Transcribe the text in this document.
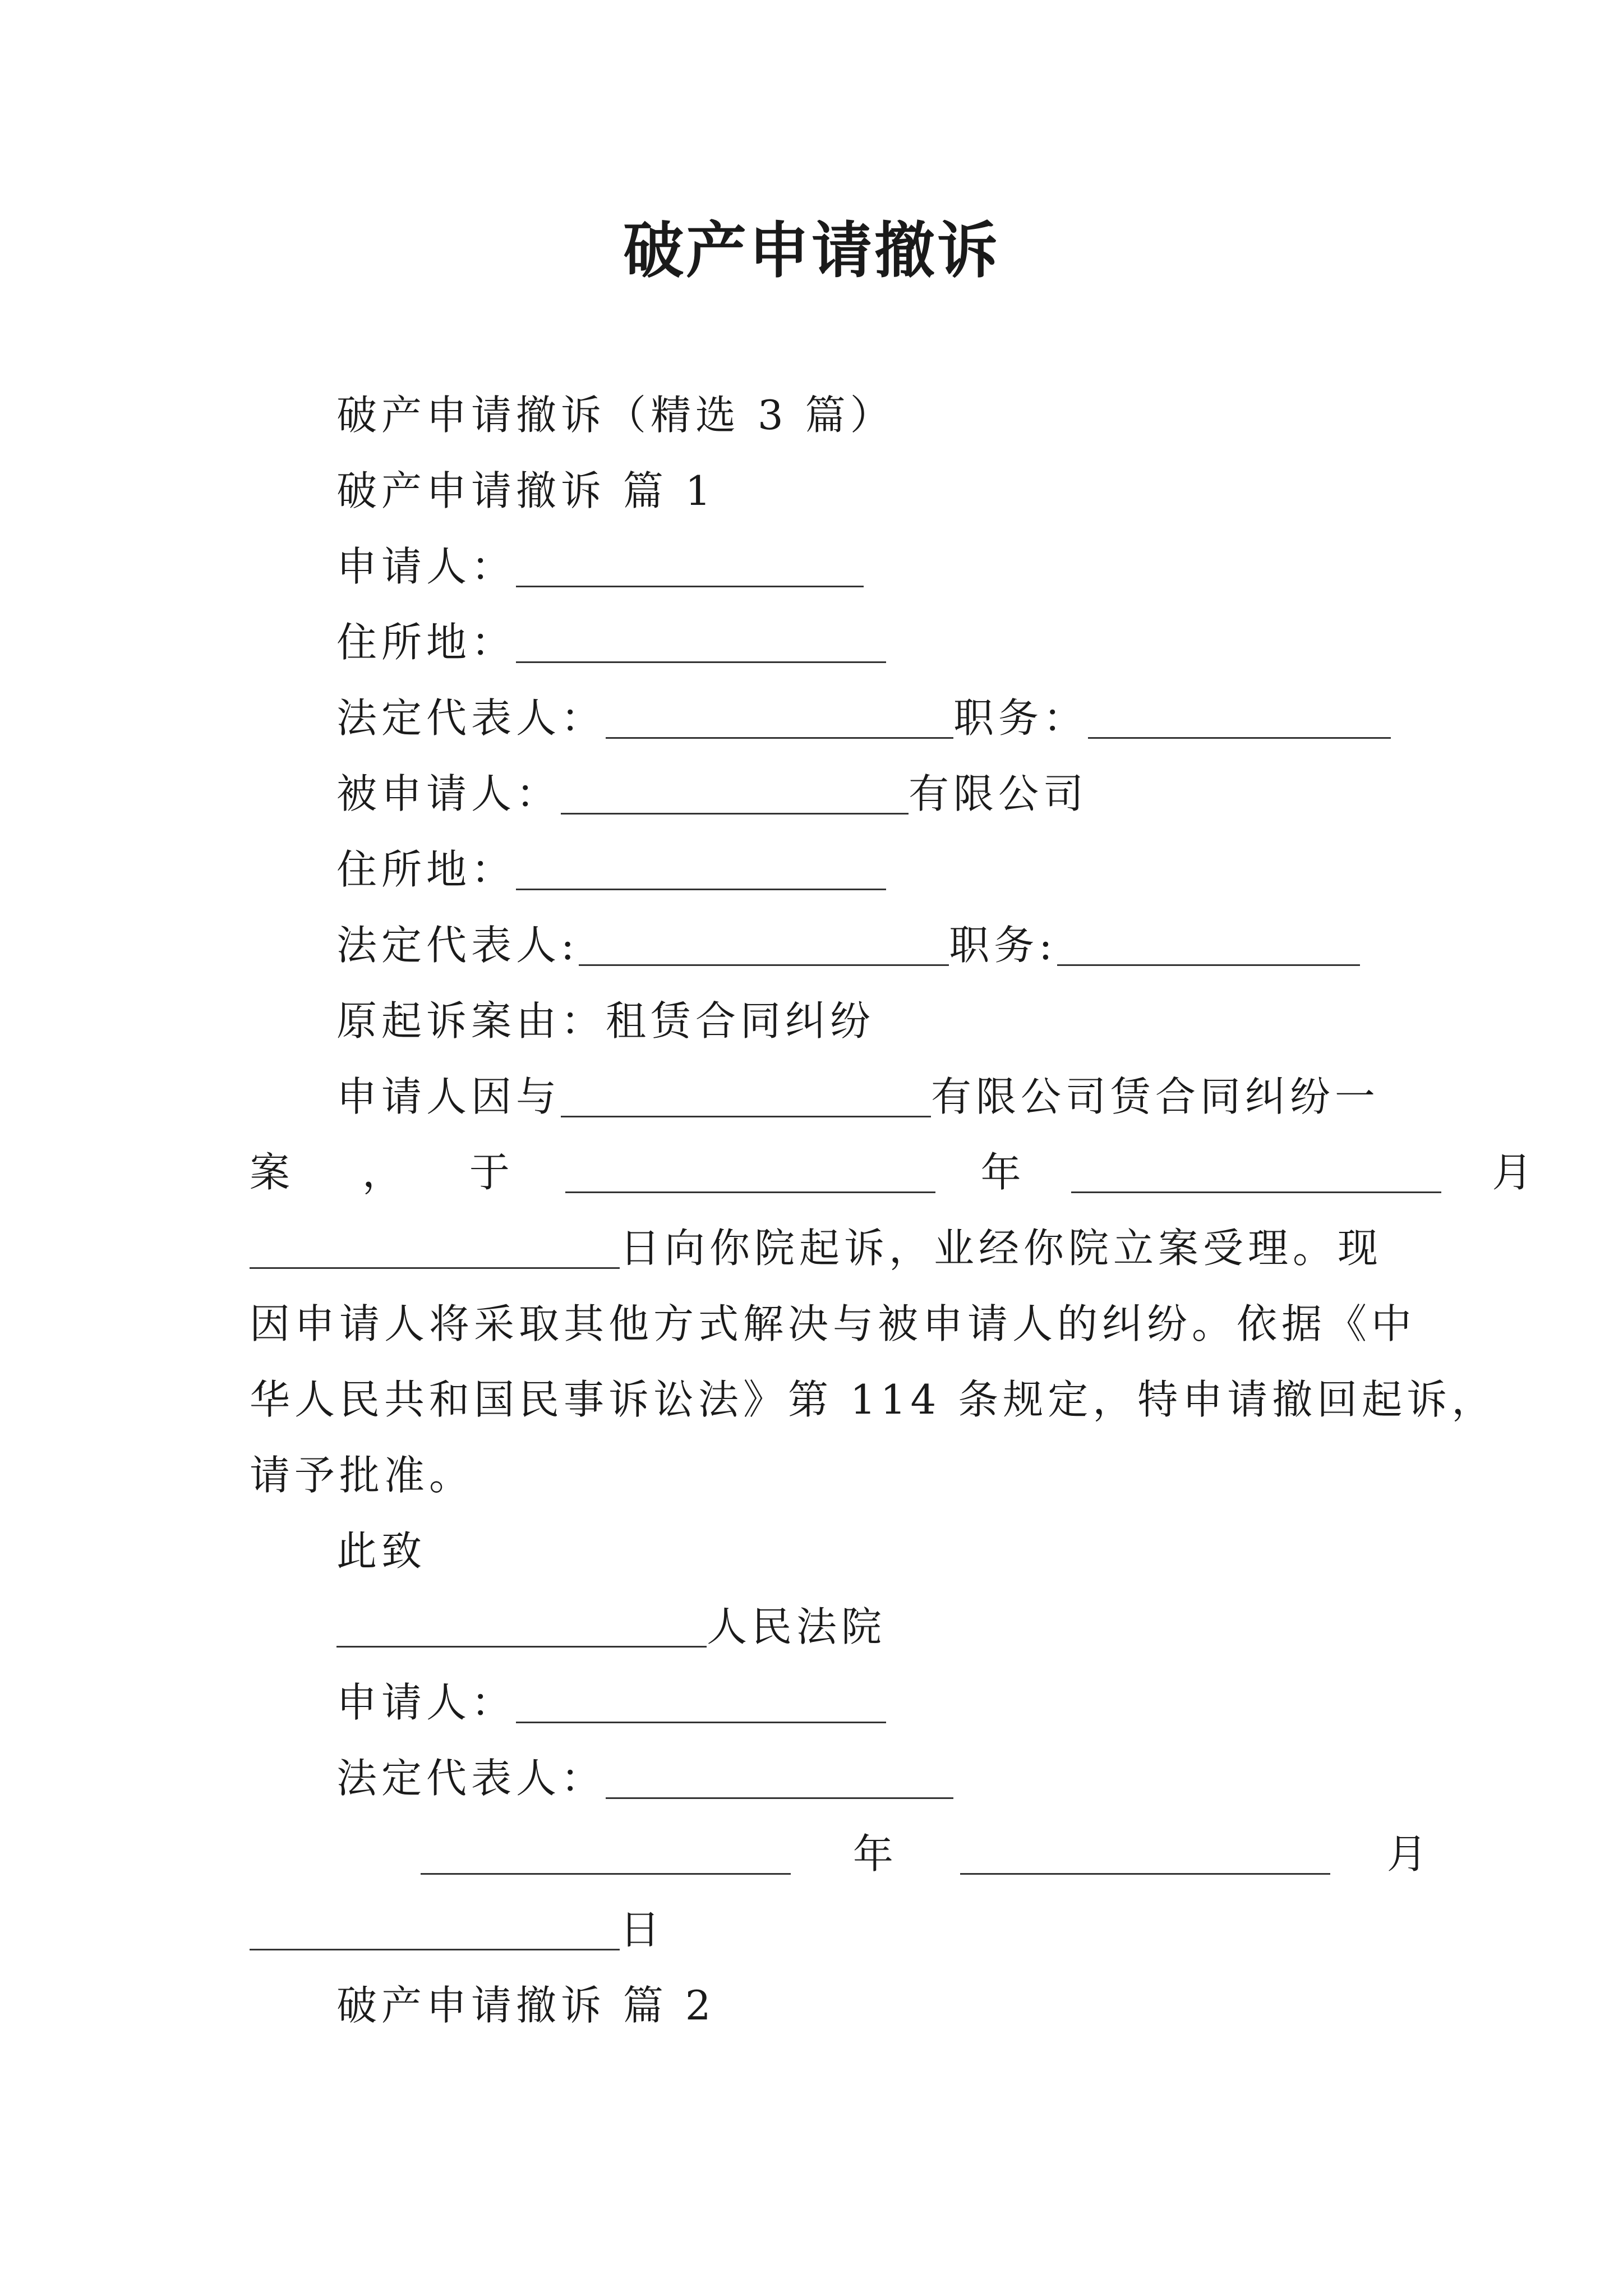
破产申请撤诉
破产申请撤诉（精选 3 篇）
破产申请撤诉 篇 1
申请人：
住所地：
法定代表人：	职务：
被申请人：	有限公司
住所地：
法定代表人:	职务:
原起诉案由：租赁合同纠纷
申请人因与	有限公司赁合同纠纷一
案 ， 于	年	月
日向你院起诉，业经你院立案受理。现
因申请人将采取其他方式解决与被申请人的纠纷。依据《中
华人民共和国民事诉讼法》第 114 条规定，特申请撤回起诉，
请予批准。
此致
人民法院
申请人：
法定代表人：
年	月
日
破产申请撤诉 篇 2
